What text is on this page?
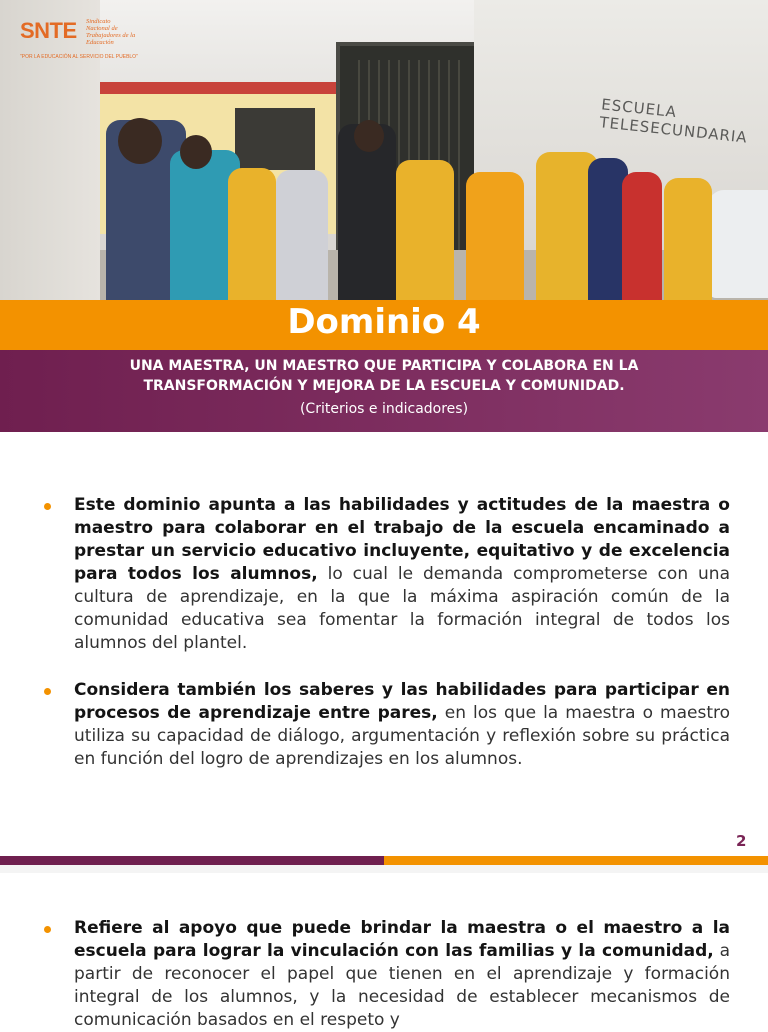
ESCUELA TELESECUNDARIA
SNTE Sindicato
Nacional de
Trabajadores de la
Educación
"POR LA EDUCACIÓN AL SERVICIO DEL PUEBLO"
Dominio 4
UNA MAESTRA, UN MAESTRO QUE PARTICIPA Y COLABORA EN LA
TRANSFORMACIÓN Y MEJORA DE LA ESCUELA Y COMUNIDAD.
(Criterios e indicadores)
Este dominio apunta a las habilidades y actitudes de la maestra o maestro para colaborar en el trabajo de la escuela encaminado a prestar un servicio educativo incluyente, equitativo y de excelencia para todos los alumnos, lo cual le demanda comprometerse con una cultura de aprendizaje, en la que la máxima aspiración común de la comunidad educativa sea fomentar la formación integral de todos los alumnos del plantel.
Considera también los saberes y las habilidades para participar en procesos de aprendizaje entre pares, en los que la maestra o maestro utiliza su capacidad de diálogo, argumentación y reflexión sobre su práctica en función del logro de aprendizajes en los alumnos.
2
Refiere al apoyo que puede brindar la maestra o el maestro a la escuela para lograr la vinculación con las familias y la comunidad, a partir de reconocer el papel que tienen en el aprendizaje y formación integral de los alumnos, y la necesidad de establecer mecanismos de comunicación basados en el respeto y
